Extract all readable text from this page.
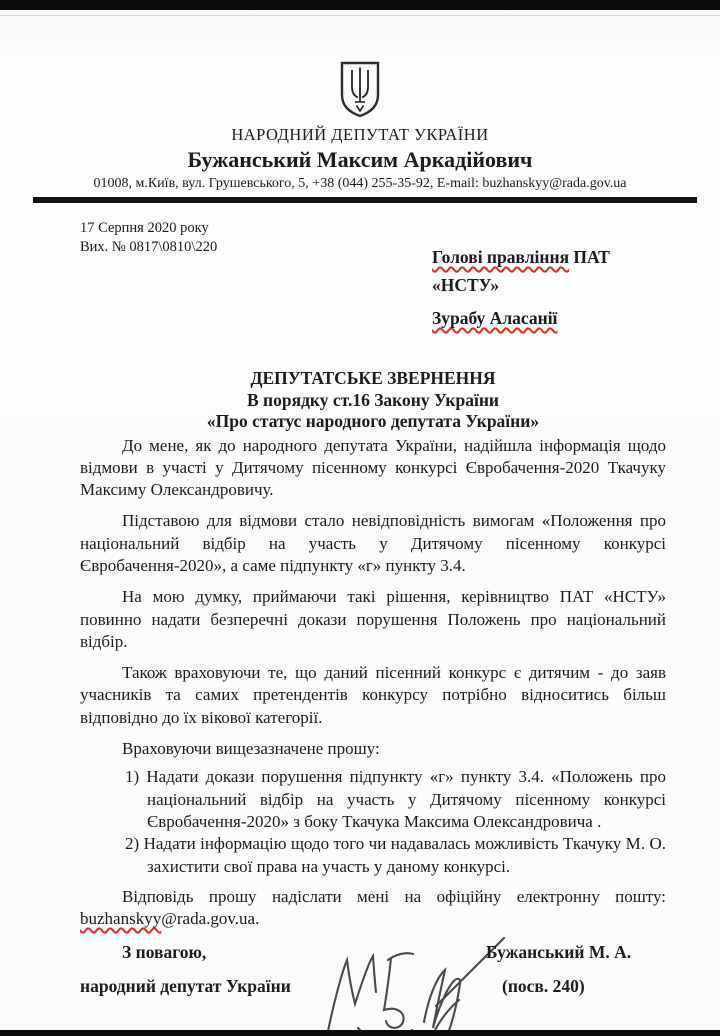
НАРОДНИЙ ДЕПУТАТ УКРАЇНИ
Бужанський Максим Аркадійович
01008, м.Київ, вул. Грушевського, 5, +38 (044) 255-35-92, E-mail: buzhanskyy@rada.gov.ua
17 Серпня 2020 року
Вих. № 0817\0810\220	Голові правління ПАТ
«НСТУ»
Зурабу Аласанії
ДЕПУТАТСЬКЕ ЗВЕРНЕННЯ
В порядку ст.16 Закону України
«Про статус народного депутата України»

До мене, як до народного депутата України, надійшла інформація щодо відмови в участі у Дитячому пісенному конкурсі Євробачення-2020 Ткачуку Максиму Олександровичу.

Підставою для відмови стало невідповідність вимогам «Положення про національний відбір на участь у Дитячому пісенному конкурсі Євробачення-2020», а саме підпункту «г» пункту 3.4.

На мою думку, приймаючи такі рішення, керівництво ПАТ «НСТУ» повинно надати безперечні докази порушення Положень про національний відбір.

Також враховуючи те, що даний пісенний конкурс є дитячим - до заяв учасників та самих претендентів конкурсу потрібно відноситись більш відповідно до їх вікової категорії.

Враховуючи вищезазначене прошу:

1) Надати докази порушення підпункту «г» пункту 3.4. «Положень про національний відбір на участь у Дитячому пісенному конкурсі Євробачення-2020» з боку Ткачука Максима Олександровича .
2) Надати інформацію щодо того чи надавалась можливість Ткачуку М. О. захистити свої права на участь у даному конкурсі.

Відповідь прошу надіслати мені на офіційну електронну пошту: buzhanskyy@rada.gov.ua.

З повагою,
народний депутат України
Бужанський М. А.
(посв. 240)
